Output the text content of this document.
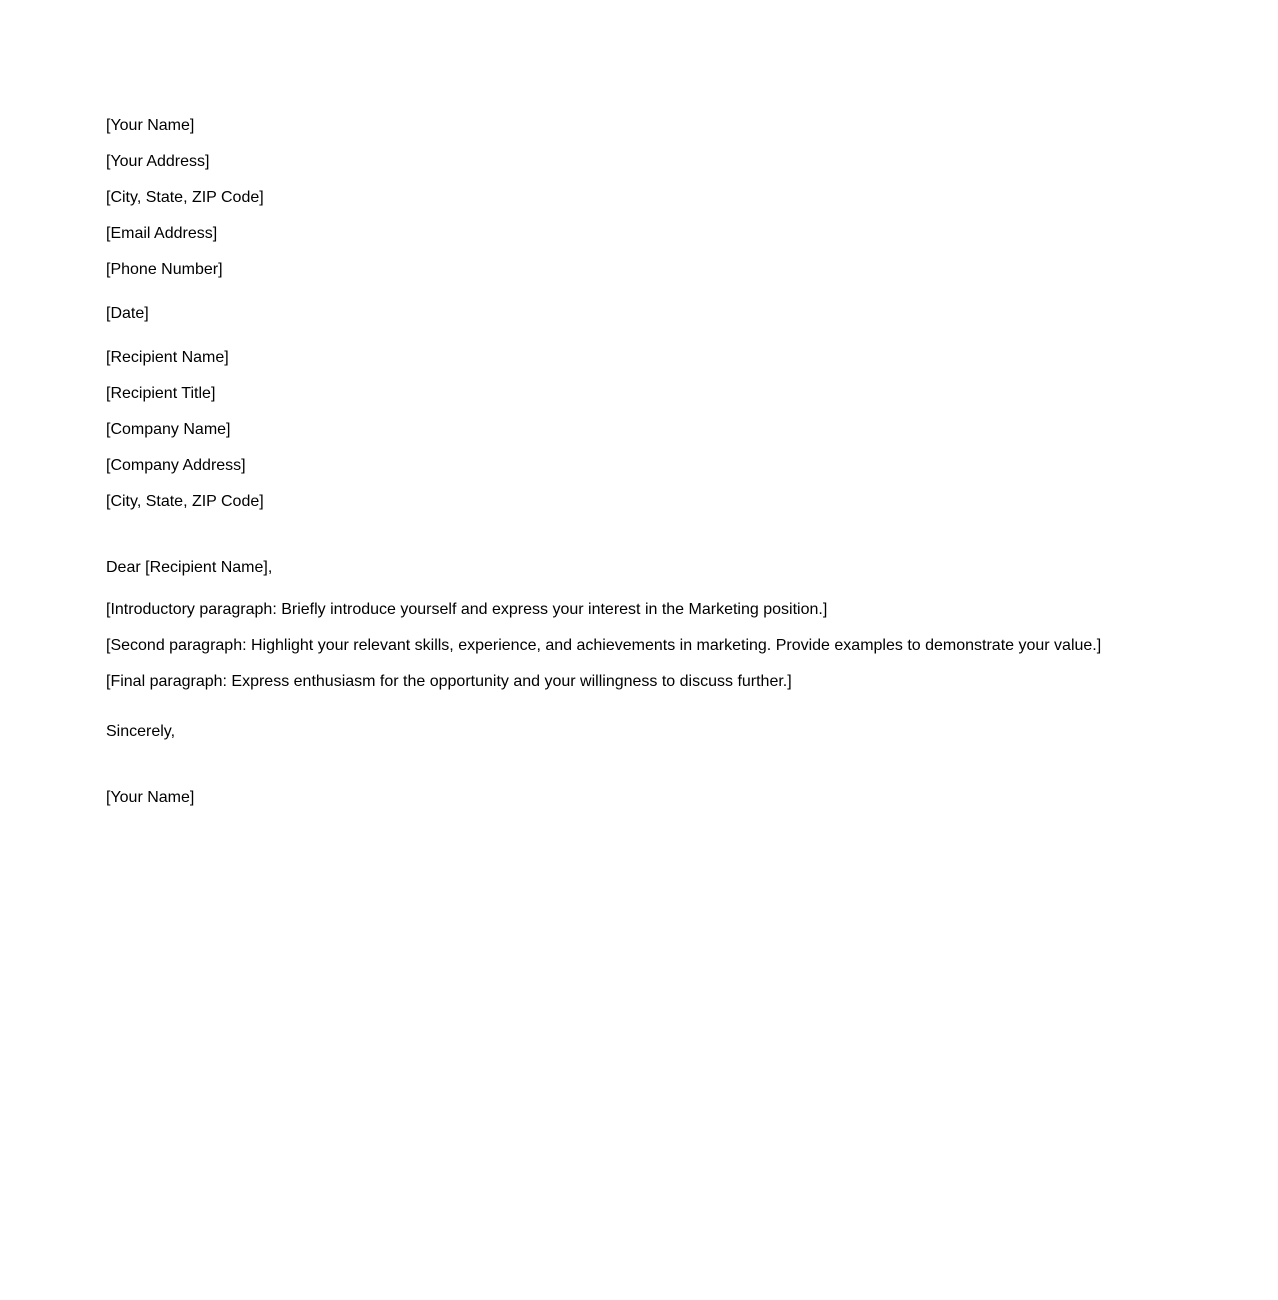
[Your Name]

[Your Address]

[City, State, ZIP Code]

[Email Address]

[Phone Number]

[Date]

[Recipient Name]

[Recipient Title]

[Company Name]

[Company Address]

[City, State, ZIP Code]

Dear [Recipient Name],

[Introductory paragraph: Briefly introduce yourself and express your interest in the Marketing position.]

[Second paragraph: Highlight your relevant skills, experience, and achievements in marketing. Provide examples to demonstrate your value.]

[Final paragraph: Express enthusiasm for the opportunity and your willingness to discuss further.]

Sincerely,

[Your Name]
